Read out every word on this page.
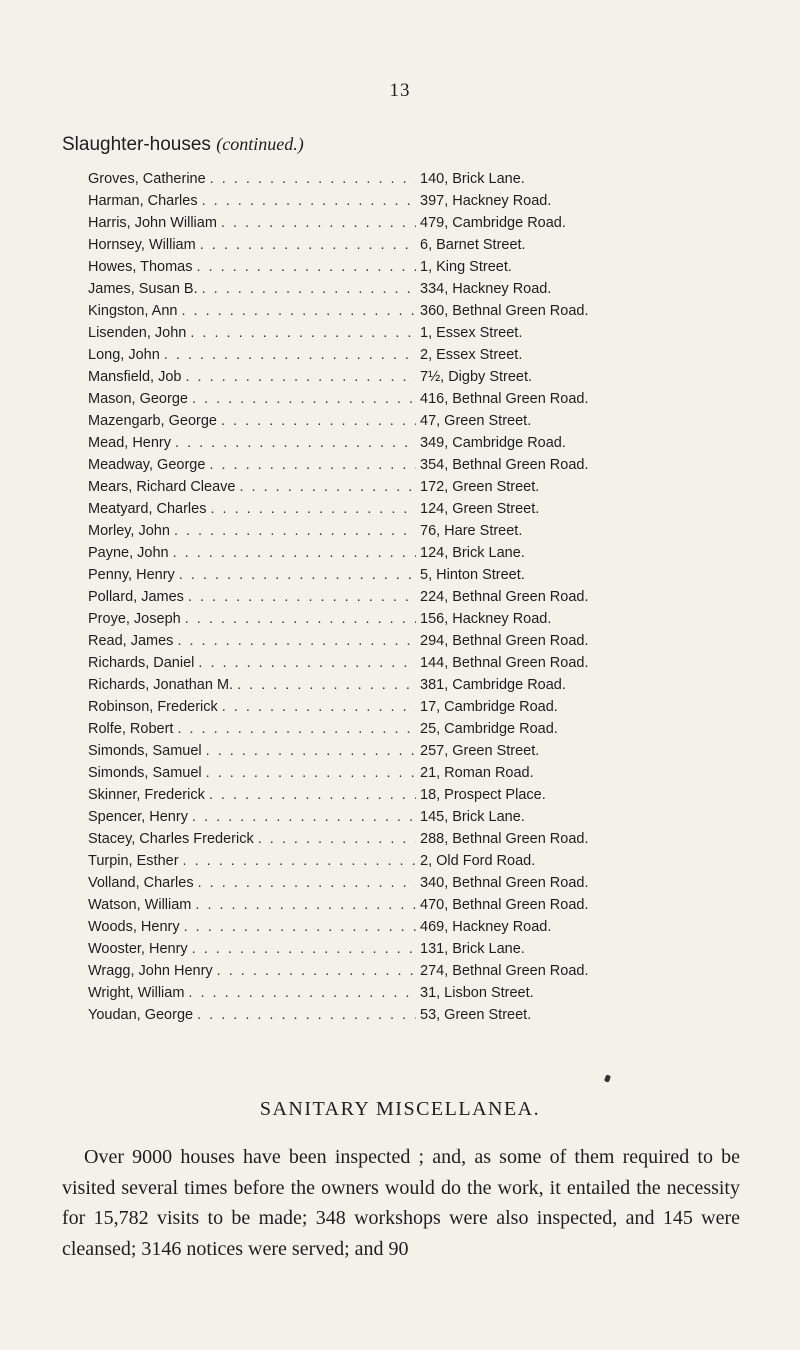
13
Slaughter-houses (continued.)
Groves, Catherine . . .	140, Brick Lane.
Harman, Charles . . .	397, Hackney Road.
Harris, John William . . .	479, Cambridge Road.
Hornsey, William . . .	6, Barnet Street.
Howes, Thomas . . .	1, King Street.
James, Susan B. . . .	334, Hackney Road.
Kingston, Ann . . .	360, Bethnal Green Road.
Lisenden, John . . .	1, Essex Street.
Long, John . . .	2, Essex Street.
Mansfield, Job . . .	7½, Digby Street.
Mason, George . . .	416, Bethnal Green Road.
Mazengarb, George . . .	47, Green Street.
Mead, Henry . . .	349, Cambridge Road.
Meadway, George . . .	354, Bethnal Green Road.
Mears, Richard Cleave . . .	172, Green Street.
Meatyard, Charles . . .	124, Green Street.
Morley, John . . .	76, Hare Street.
Payne, John . . .	124, Brick Lane.
Penny, Henry . . .	5, Hinton Street.
Pollard, James . . .	224, Bethnal Green Road.
Proye, Joseph . . .	156, Hackney Road.
Read, James . . .	294, Bethnal Green Road.
Richards, Daniel . . .	144, Bethnal Green Road.
Richards, Jonathan M. . . .	381, Cambridge Road.
Robinson, Frederick . . .	17, Cambridge Road.
Rolfe, Robert . . .	25, Cambridge Road.
Simonds, Samuel . . .	257, Green Street.
Simonds, Samuel . . .	21, Roman Road.
Skinner, Frederick . . .	18, Prospect Place.
Spencer, Henry . . .	145, Brick Lane.
Stacey, Charles Frederick . . .	288, Bethnal Green Road.
Turpin, Esther . . .	2, Old Ford Road.
Volland, Charles . . .	340, Bethnal Green Road.
Watson, William . . .	470, Bethnal Green Road.
Woods, Henry . . .	469, Hackney Road.
Wooster, Henry . . .	131, Brick Lane.
Wragg, John Henry . . .	274, Bethnal Green Road.
Wright, William . . .	31, Lisbon Street.
Youdan, George . . .	53, Green Street.
SANITARY MISCELLANEA.
Over 9000 houses have been inspected ; and, as some of them required to be visited several times before the owners would do the work, it entailed the necessity for 15,782 visits to be made; 348 workshops were also inspected, and 145 were cleansed; 3146 notices were served; and 90
